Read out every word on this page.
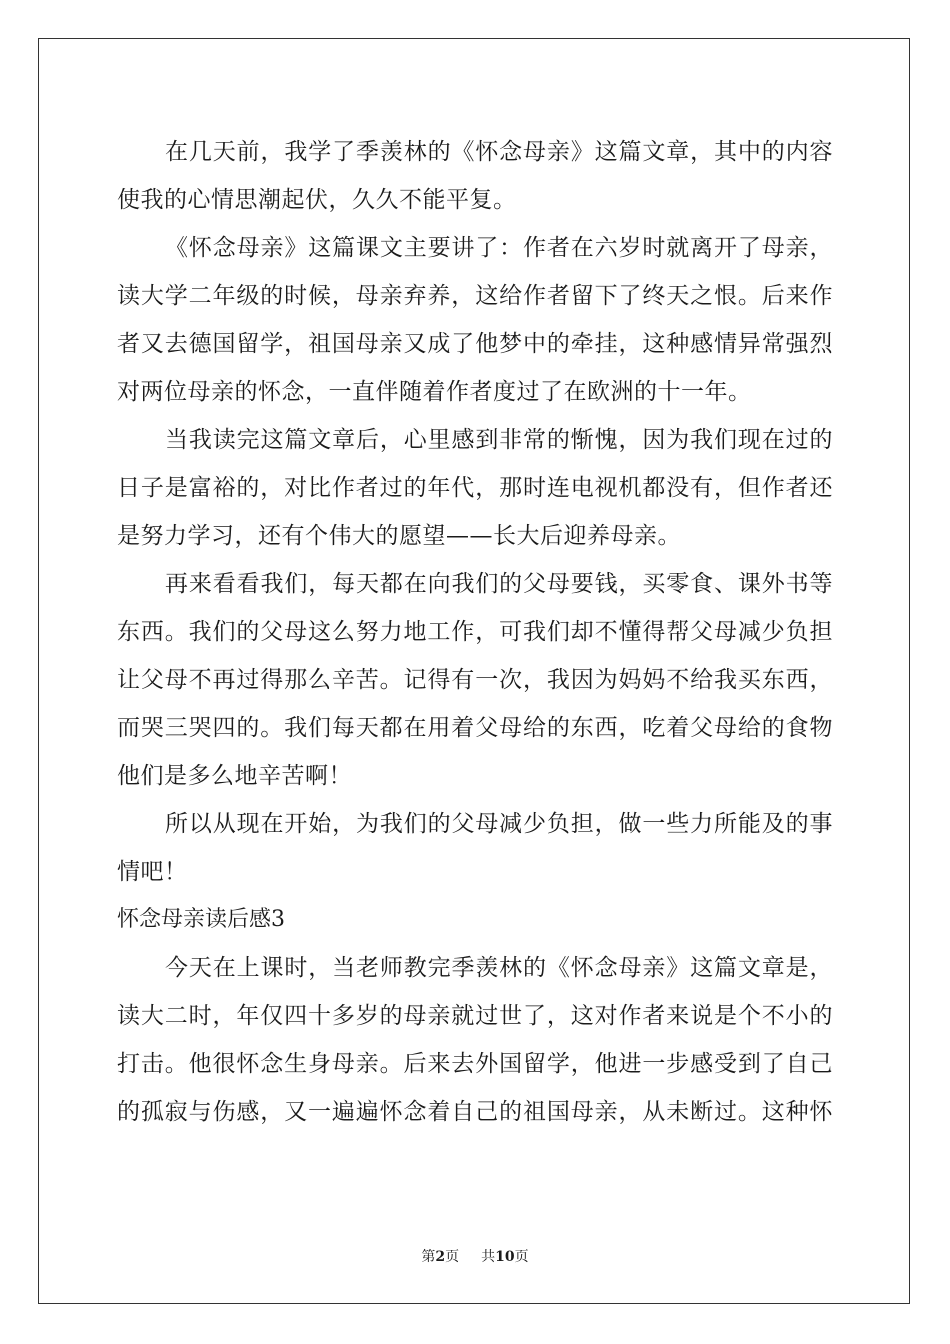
在几天前，我学了季羡林的《怀念母亲》这篇文章，其中的内容
使我的心情思潮起伏，久久不能平复。
《怀念母亲》这篇课文主要讲了：作者在六岁时就离开了母亲，
读大学二年级的时候，母亲弃养，这给作者留下了终天之恨。后来作
者又去德国留学，祖国母亲又成了他梦中的牵挂，这种感情异常强烈
对两位母亲的怀念，一直伴随着作者度过了在欧洲的十一年。
当我读完这篇文章后，心里感到非常的惭愧，因为我们现在过的
日子是富裕的，对比作者过的年代，那时连电视机都没有，但作者还
是努力学习，还有个伟大的愿望——长大后迎养母亲。
再来看看我们，每天都在向我们的父母要钱，买零食、课外书等
东西。我们的父母这么努力地工作，可我们却不懂得帮父母减少负担
让父母不再过得那么辛苦。记得有一次，我因为妈妈不给我买东西，
而哭三哭四的。我们每天都在用着父母给的东西，吃着父母给的食物
他们是多么地辛苦啊！
所以从现在开始，为我们的父母减少负担，做一些力所能及的事
情吧！
怀念母亲读后感3
今天在上课时，当老师教完季羡林的《怀念母亲》这篇文章是，
读大二时，年仅四十多岁的母亲就过世了，这对作者来说是个不小的
打击。他很怀念生身母亲。后来去外国留学，他进一步感受到了自己
的孤寂与伤感，又一遍遍怀念着自己的祖国母亲，从未断过。这种怀
第2页 共10页
